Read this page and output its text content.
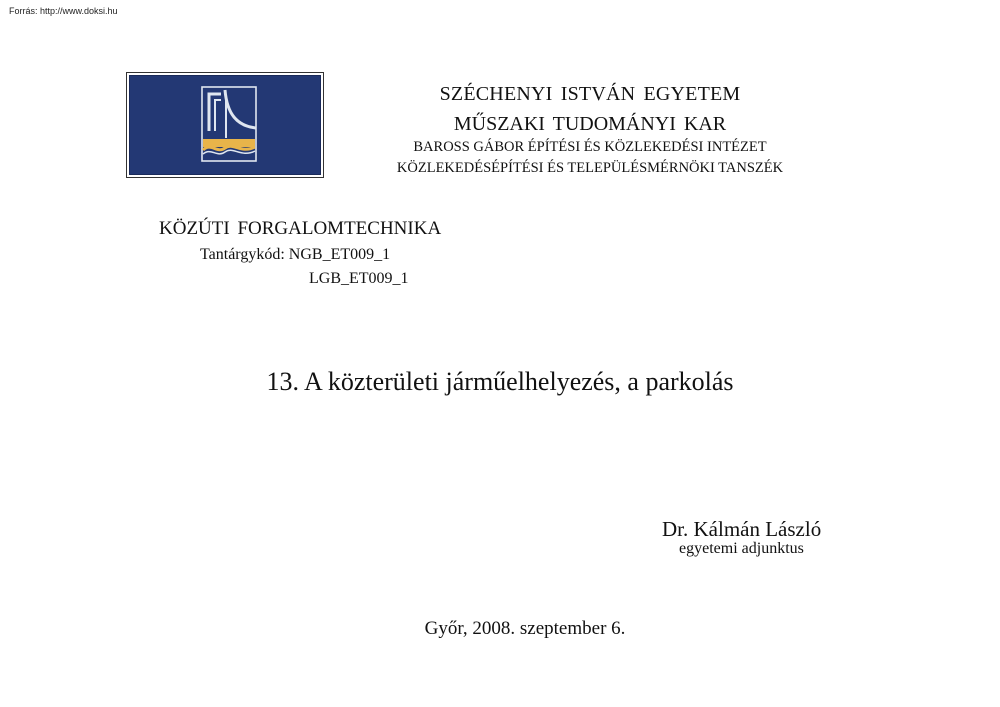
Forrás: http://www.doksi.hu
SZÉCHENYI ISTVÁN EGYETEM
MŰSZAKI TUDOMÁNYI KAR
BAROSS GÁBOR ÉPÍTÉSI ÉS KÖZLEKEDÉSI INTÉZET
KÖZLEKEDÉSÉPÍTÉSI ÉS TELEPÜLÉSMÉRNÖKI TANSZÉK
KÖZÚTI FORGALOMTECHNIKA
Tantárgykód: NGB_ET009_1
LGB_ET009_1
13. A közterületi járműelhelyezés, a parkolás
Dr. Kálmán László
egyetemi adjunktus
Győr, 2008. szeptember 6.
